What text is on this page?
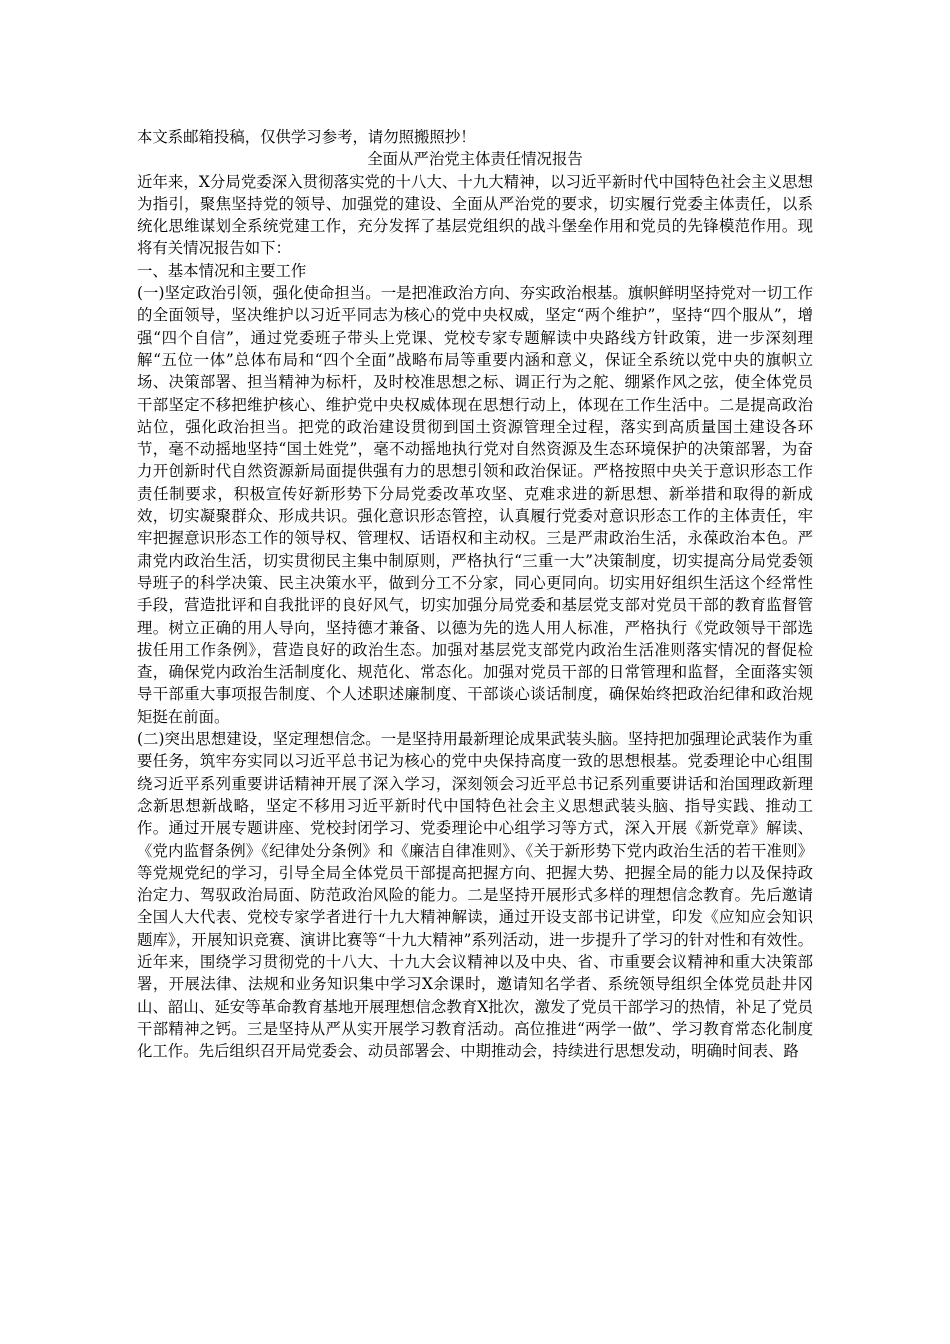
本文系邮箱投稿，仅供学习参考，请勿照搬照抄！

全面从严治党主体责任情况报告

近年来，X分局党委深入贯彻落实党的十八大、十九大精神，以习近平新时代中国特色社会主义思想为指引，聚焦坚持党的领导、加强党的建设、全面从严治党的要求，切实履行党委主体责任，以系统化思维谋划全系统党建工作，充分发挥了基层党组织的战斗堡垒作用和党员的先锋模范作用。现将有关情况报告如下：

一、基本情况和主要工作

(一)坚定政治引领，强化使命担当。一是把准政治方向、夯实政治根基。旗帜鲜明坚持党对一切工作的全面领导，坚决维护以习近平同志为核心的党中央权威，坚定“两个维护”，坚持“四个服从”，增强“四个自信”，通过党委班子带头上党课、党校专家专题解读中央路线方针政策，进一步深刻理解“五位一体”总体布局和“四个全面”战略布局等重要内涵和意义，保证全系统以党中央的旗帜立场、决策部署、担当精神为标杆，及时校准思想之标、调正行为之舵、绷紧作风之弦，使全体党员干部坚定不移把维护核心、维护党中央权威体现在思想行动上，体现在工作生活中。二是提高政治站位，强化政治担当。把党的政治建设贯彻到国土资源管理全过程，落实到高质量国土建设各环节，毫不动摇地坚持“国土姓党”，毫不动摇地执行党对自然资源及生态环境保护的决策部署，为奋力开创新时代自然资源新局面提供强有力的思想引领和政治保证。严格按照中央关于意识形态工作责任制要求，积极宣传好新形势下分局党委改革攻坚、克难求进的新思想、新举措和取得的新成效，切实凝聚群众、形成共识。强化意识形态管控，认真履行党委对意识形态工作的主体责任，牢牢把握意识形态工作的领导权、管理权、话语权和主动权。三是严肃政治生活，永葆政治本色。严肃党内政治生活，切实贯彻民主集中制原则，严格执行“三重一大”决策制度，切实提高分局党委领导班子的科学决策、民主决策水平，做到分工不分家，同心更同向。切实用好组织生活这个经常性手段，营造批评和自我批评的良好风气，切实加强分局党委和基层党支部对党员干部的教育监督管理。树立正确的用人导向，坚持德才兼备、以德为先的选人用人标准，严格执行《党政领导干部选拔任用工作条例》，营造良好的政治生态。加强对基层党支部党内政治生活准则落实情况的督促检查，确保党内政治生活制度化、规范化、常态化。加强对党员干部的日常管理和监督，全面落实领导干部重大事项报告制度、个人述职述廉制度、干部谈心谈话制度，确保始终把政治纪律和政治规矩挺在前面。

(二)突出思想建设，坚定理想信念。一是坚持用最新理论成果武装头脑。坚持把加强理论武装作为重要任务，筑牢夯实同以习近平总书记为核心的党中央保持高度一致的思想根基。党委理论中心组围绕习近平系列重要讲话精神开展了深入学习，深刻领会习近平总书记系列重要讲话和治国理政新理念新思想新战略，坚定不移用习近平新时代中国特色社会主义思想武装头脑、指导实践、推动工作。通过开展专题讲座、党校封闭学习、党委理论中心组学习等方式，深入开展《新党章》解读、《党内监督条例》《纪律处分条例》和《廉洁自律准则》、《关于新形势下党内政治生活的若干准则》等党规党纪的学习，引导全局全体党员干部提高把握方向、把握大势、把握全局的能力以及保持政治定力、驾驭政治局面、防范政治风险的能力。二是坚持开展形式多样的理想信念教育。先后邀请全国人大代表、党校专家学者进行十九大精神解读，通过开设支部书记讲堂，印发《应知应会知识题库》，开展知识竞赛、演讲比赛等“十九大精神”系列活动，进一步提升了学习的针对性和有效性。近年来，围绕学习贯彻党的十八大、十九大会议精神以及中央、省、市重要会议精神和重大决策部署，开展法律、法规和业务知识集中学习X余课时，邀请知名学者、系统领导组织全体党员赴井冈山、韶山、延安等革命教育基地开展理想信念教育X批次，激发了党员干部学习的热情，补足了党员干部精神之钙。三是坚持从严从实开展学习教育活动。高位推进“两学一做”、学习教育常态化制度化工作。先后组织召开局党委会、动员部署会、中期推动会，持续进行思想发动，明确时间表、路
